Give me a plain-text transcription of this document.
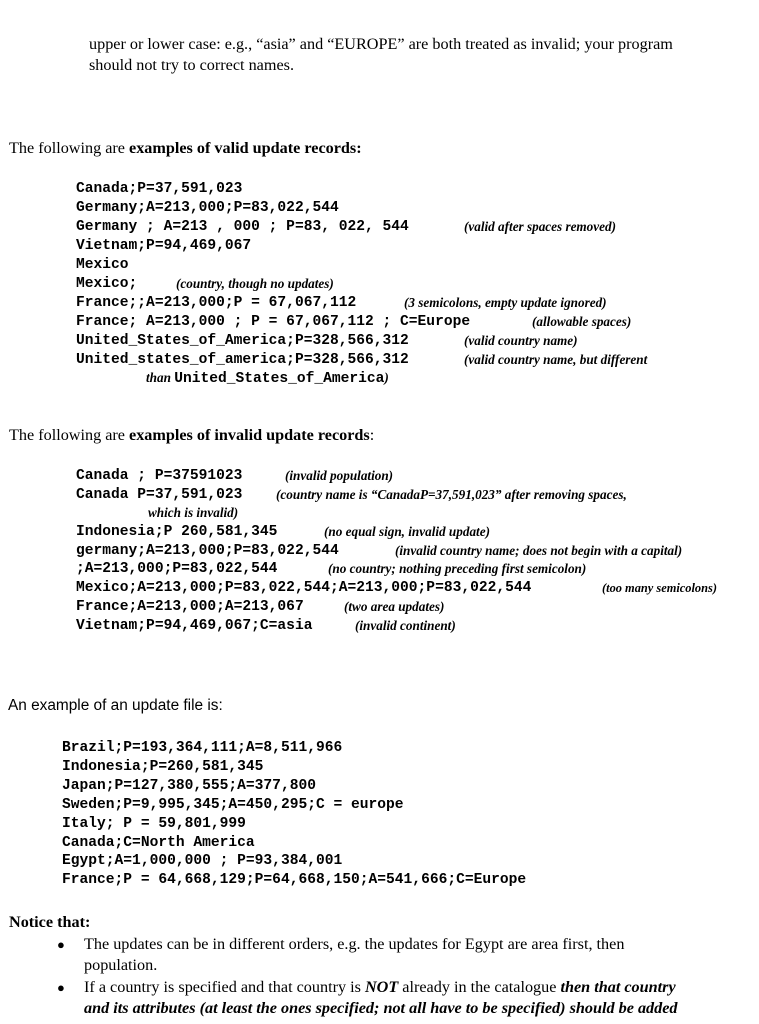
upper or lower case: e.g., “asia” and “EUROPE” are both treated as invalid; your program
should not try to correct names.
The following are examples of valid update records:
Canada;P=37,591,023
Germany;A=213,000;P=83,022,544
Germany ; A=213 , 000 ; P=83, 022, 544	(valid after spaces removed)
Vietnam;P=94,469,067
Mexico
Mexico;	(country, though no updates)
France;;A=213,000;P = 67,067,112	(3 semicolons, empty update ignored)
France; A=213,000 ; P = 67,067,112 ; C=Europe	(allowable spaces)
United_States_of_America;P=328,566,312	(valid country name)
United_states_of_america;P=328,566,312	(valid country name, but different
than United_States_of_America)
The following are examples of invalid update records:
Canada ; P=37591023	(invalid population)
Canada P=37,591,023	(country name is “CanadaP=37,591,023” after removing spaces,
which is invalid)
Indonesia;P 260,581,345	(no equal sign, invalid update)
germany;A=213,000;P=83,022,544	(invalid country name; does not begin with a capital)
;A=213,000;P=83,022,544	(no country; nothing preceding first semicolon)
Mexico;A=213,000;P=83,022,544;A=213,000;P=83,022,544	(too many semicolons)
France;A=213,000;A=213,067	(two area updates)
Vietnam;P=94,469,067;C=asia	(invalid continent)
An example of an update file is:
Brazil;P=193,364,111;A=8,511,966
Indonesia;P=260,581,345
Japan;P=127,380,555;A=377,800
Sweden;P=9,995,345;A=450,295;C = europe
Italy; P = 59,801,999
Canada;C=North America
Egypt;A=1,000,000 ; P=93,384,001
France;P = 64,668,129;P=64,668,150;A=541,666;C=Europe
Notice that:
● The updates can be in different orders, e.g. the updates for Egypt are area first, then
population.
● If a country is specified and that country is NOT already in the catalogue then that country
and its attributes (at least the ones specified; not all have to be specified) should be added
